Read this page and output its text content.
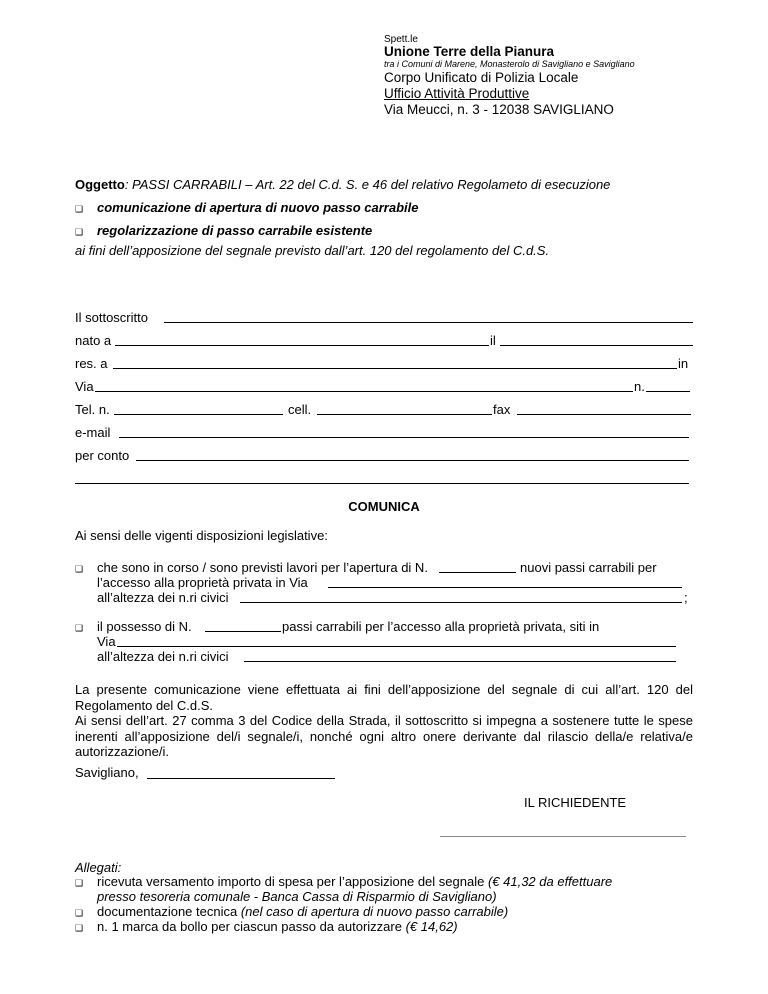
Spett.le
Unione Terre della Pianura
tra i Comuni di Marene, Monasterolo di Savigliano e Savigliano
Corpo Unificato di Polizia Locale
Ufficio Attività Produttive
Via Meucci, n. 3 - 12038 SAVIGLIANO
Oggetto: PASSI CARRABILI – Art. 22 del C.d. S. e 46 del relativo Regolameto di esecuzione
❑ comunicazione di apertura di nuovo passo carrabile
❑ regolarizzazione di passo carrabile esistente
ai fini dell’apposizione del segnale previsto dall’art. 120 del regolamento del C.d.S.
Il sottoscritto
nato a	il
res. a	in
Via	n.
Tel. n.	cell.	fax
e-mail
per conto
COMUNICA
Ai sensi delle vigenti disposizioni legislative:
❑ che sono in corso / sono previsti lavori per l’apertura di N.	nuovi passi carrabili per
l’accesso alla proprietà privata in Via
all’altezza dei n.ri civici	;
❑ il possesso di N.	passi carrabili per l’accesso alla proprietà privata, siti in
Via
all’altezza dei n.ri civici
La presente comunicazione viene effettuata ai fini dell’apposizione del segnale di cui all’art. 120 del Regolamento del C.d.S.
Ai sensi dell’art. 27 comma 3 del Codice della Strada, il sottoscritto si impegna a sostenere tutte le spese inerenti all’apposizione del/i segnale/i, nonché ogni altro onere derivante dal rilascio della/e relativa/e autorizzazione/i.
Savigliano,
IL RICHIEDENTE
Allegati:
❑ ricevuta versamento importo di spesa per l’apposizione del segnale (€ 41,32 da effettuare
presso tesoreria comunale - Banca Cassa di Risparmio di Savigliano)
❑ documentazione tecnica (nel caso di apertura di nuovo passo carrabile)
❑ n. 1 marca da bollo per ciascun passo da autorizzare (€ 14,62)
